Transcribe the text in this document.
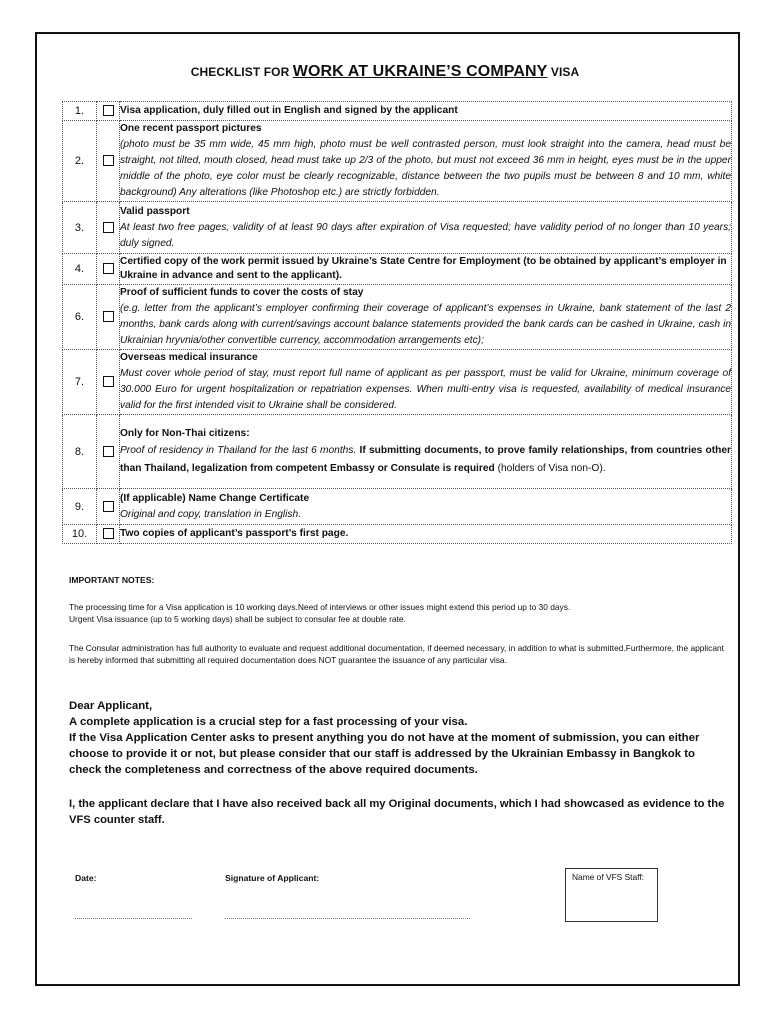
CHECKLIST FOR WORK AT UKRAINE’S COMPANY VISA
1.		Visa application, duly filled out in English and signed by the applicant

2.		One recent passport pictures
(photo must be 35 mm wide, 45 mm high, photo must be well contrasted person, must look straight into the camera, head must be straight, not tilted, mouth closed, head must take up 2/3 of the photo, but must not exceed 36 mm in height, eyes must be in the upper middle of the photo, eye color must be clearly recognizable, distance between the two pupils must be between 8 and 10 mm, white background) Any alterations (like Photoshop etc.) are strictly forbidden.

3.		Valid passport
At least two free pages, validity of at least 90 days after expiration of Visa requested; have validity period of no longer than 10 years; duly signed.

4.		Certified copy of the work permit issued by Ukraine’s State Centre for Employment (to be obtained by applicant’s employer in Ukraine in advance and sent to the applicant).

6.		Proof of sufficient funds to cover the costs of stay
(e.g. letter from the applicant’s employer confirming their coverage of applicant’s expenses in Ukraine, bank statement of the last 2 months, bank cards along with current/savings account balance statements provided the bank cards can be cashed in Ukraine, cash in Ukrainian hryvnia/other convertible currency, accommodation arrangements etc);

7.		Overseas medical insurance
Must cover whole period of stay, must report full name of applicant as per passport, must be valid for Ukraine, minimum coverage of 30.000 Euro for urgent hospitalization or repatriation expenses. When multi-entry visa is requested, availability of medical insurance valid for the first intended visit to Ukraine shall be considered.

8.		Only for Non-Thai citizens:
Proof of residency in Thailand for the last 6 months. If submitting documents, to prove family relationships, from countries other than Thailand, legalization from competent Embassy or Consulate is required (holders of Visa non-O).

9.		(If applicable) Name Change Certificate
Original and copy, translation in English.

10.		Two copies of applicant’s passport’s first page.
IMPORTANT NOTES:
The processing time for a Visa application is 10 working days.Need of interviews or other issues might extend this period up to 30 days.
Urgent Visa issuance (up to 5 working days) shall be subject to consular fee at double rate.
The Consular administration has full authority to evaluate and request additional documentation, if deemed necessary, in addition to what is submitted.Furthermore, the applicant is hereby informed that submitting all required documentation does NOT guarantee the issuance of any particular visa.

Dear Applicant,

A complete application is a crucial step for a fast processing of your visa.

If the Visa Application Center asks to present anything you do not have at the moment of submission, you can either choose to provide it or not, but please consider that our staff is addressed by the Ukrainian Embassy in Bangkok to check the completeness and correctness of the above required documents.

I, the applicant declare that I have also received back all my Original documents, which I had showcased as evidence to the VFS counter staff.
Date:	Signature of Applicant:	Name of VFS Staff:
